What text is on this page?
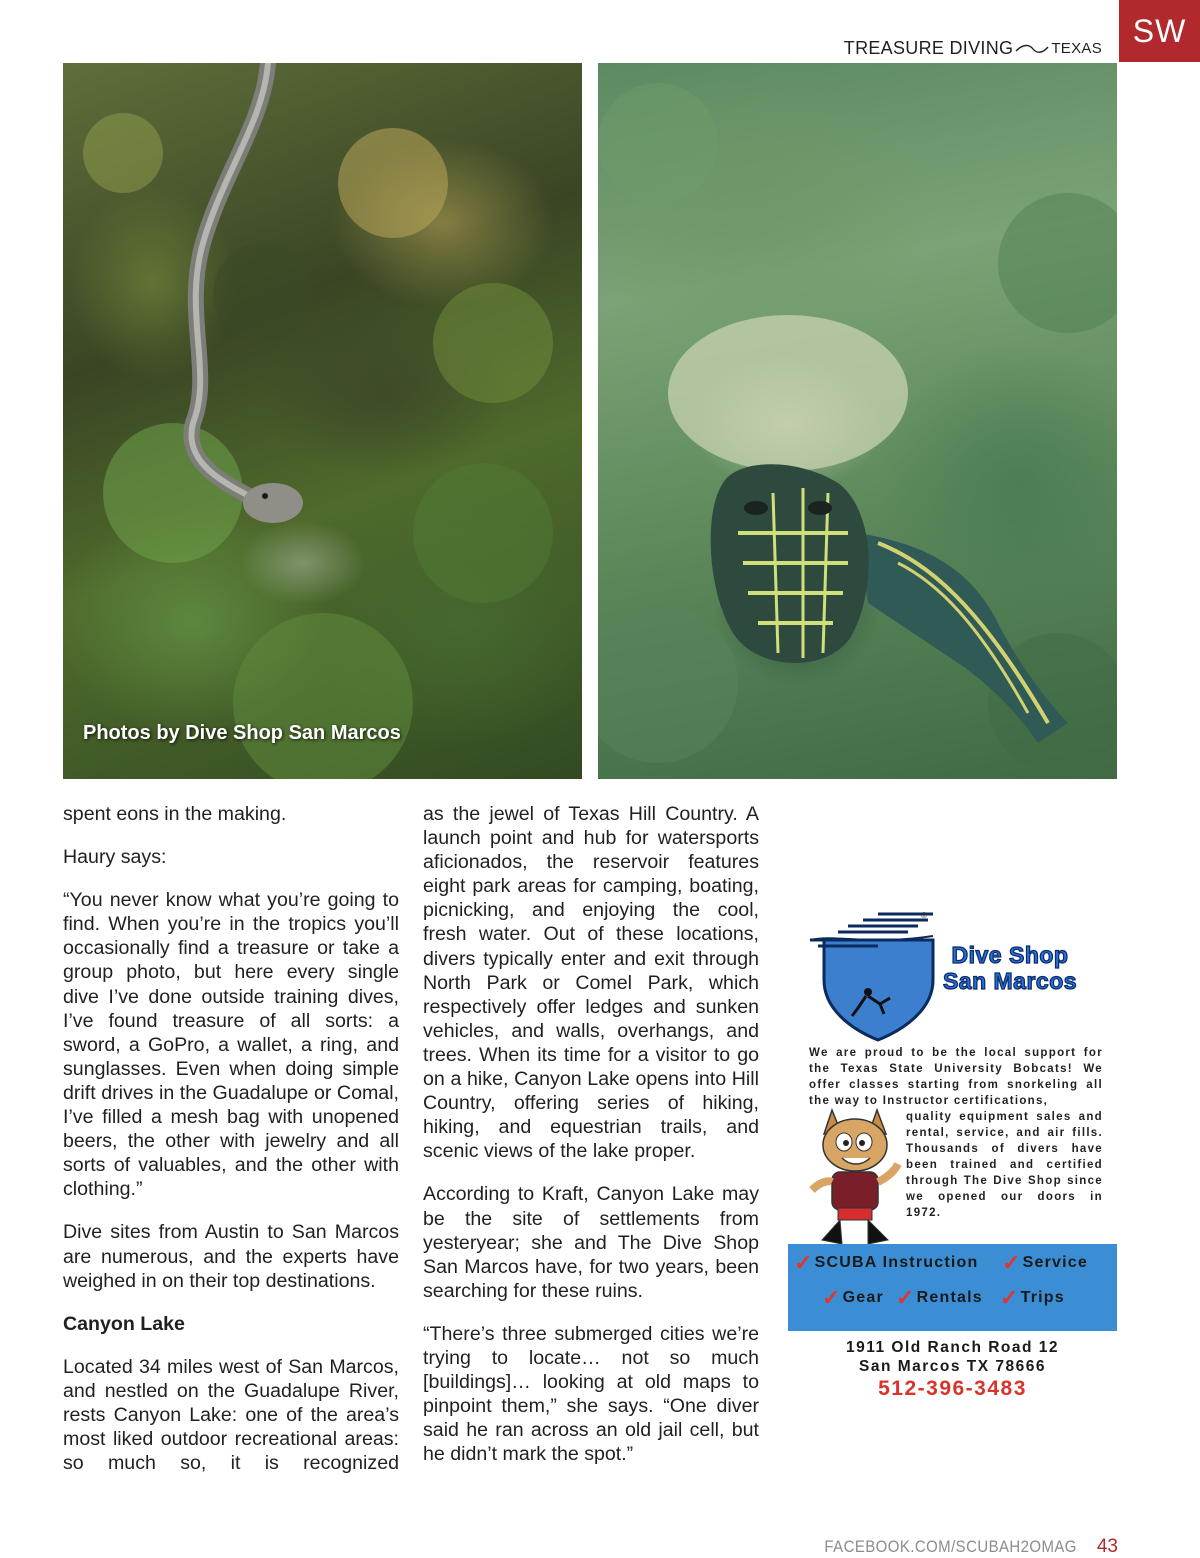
SW
TREASURE DIVING	TEXAS
Photos by Dive Shop San Marcos

spent eons in the making.

Haury says:

“You never know what you’re going to find. When you’re in the tropics you’ll occasionally find a treasure or take a group photo, but here every single dive I’ve done outside training dives, I’ve found treasure of all sorts: a sword, a GoPro, a wallet, a ring, and sunglasses. Even when doing simple drift drives in the Guadalupe or Comal, I’ve filled a mesh bag with unopened beers, the other with jewelry and all sorts of valuables, and the other with clothing.”

Dive sites from Austin to San Marcos are numerous, and the experts have weighed in on their top destinations.

Canyon Lake

Located 34 miles west of San Marcos, and nestled on the Guadalupe River, rests Canyon Lake: one of the area’s most liked outdoor recreational areas: so much so, it is recognized

as the jewel of Texas Hill Country. A launch point and hub for watersports aficionados, the reservoir features eight park areas for camping, boating, picnicking, and enjoying the cool, fresh water. Out of these locations, divers typically enter and exit through North Park or Comel Park, which respectively offer ledges and sunken vehicles, and walls, overhangs, and trees. When its time for a visitor to go on a hike, Canyon Lake opens into Hill Country, offering series of hiking, hiking, and equestrian trails, and scenic views of the lake proper.

According to Kraft, Canyon Lake may be the site of settlements from yesteryear; she and The Dive Shop San Marcos have, for two years, been searching for these ruins.

“There’s three submerged cities we’re trying to locate… not so much [buildings]… looking at old maps to pinpoint them,” she says. “One diver said he ran across an old jail cell, but he didn’t mark the spot.”

®
Dive Shop
San Marcos
We are proud to be the local support for the Texas State University Bobcats! We offer classes starting from snorkeling all the way to Instructor certifications,
quality equipment sales and rental, service, and air fills. Thousands of divers have been trained and certified through The Dive Shop since we opened our doors in 1972.
✓ SCUBA Instruction ✓ Service
✓ Gear ✓ Rentals ✓ Trips
1911 Old Ranch Road 12
San Marcos TX 78666
512-396-3483
FACEBOOK.COM/SCUBAH2OMAG 43
